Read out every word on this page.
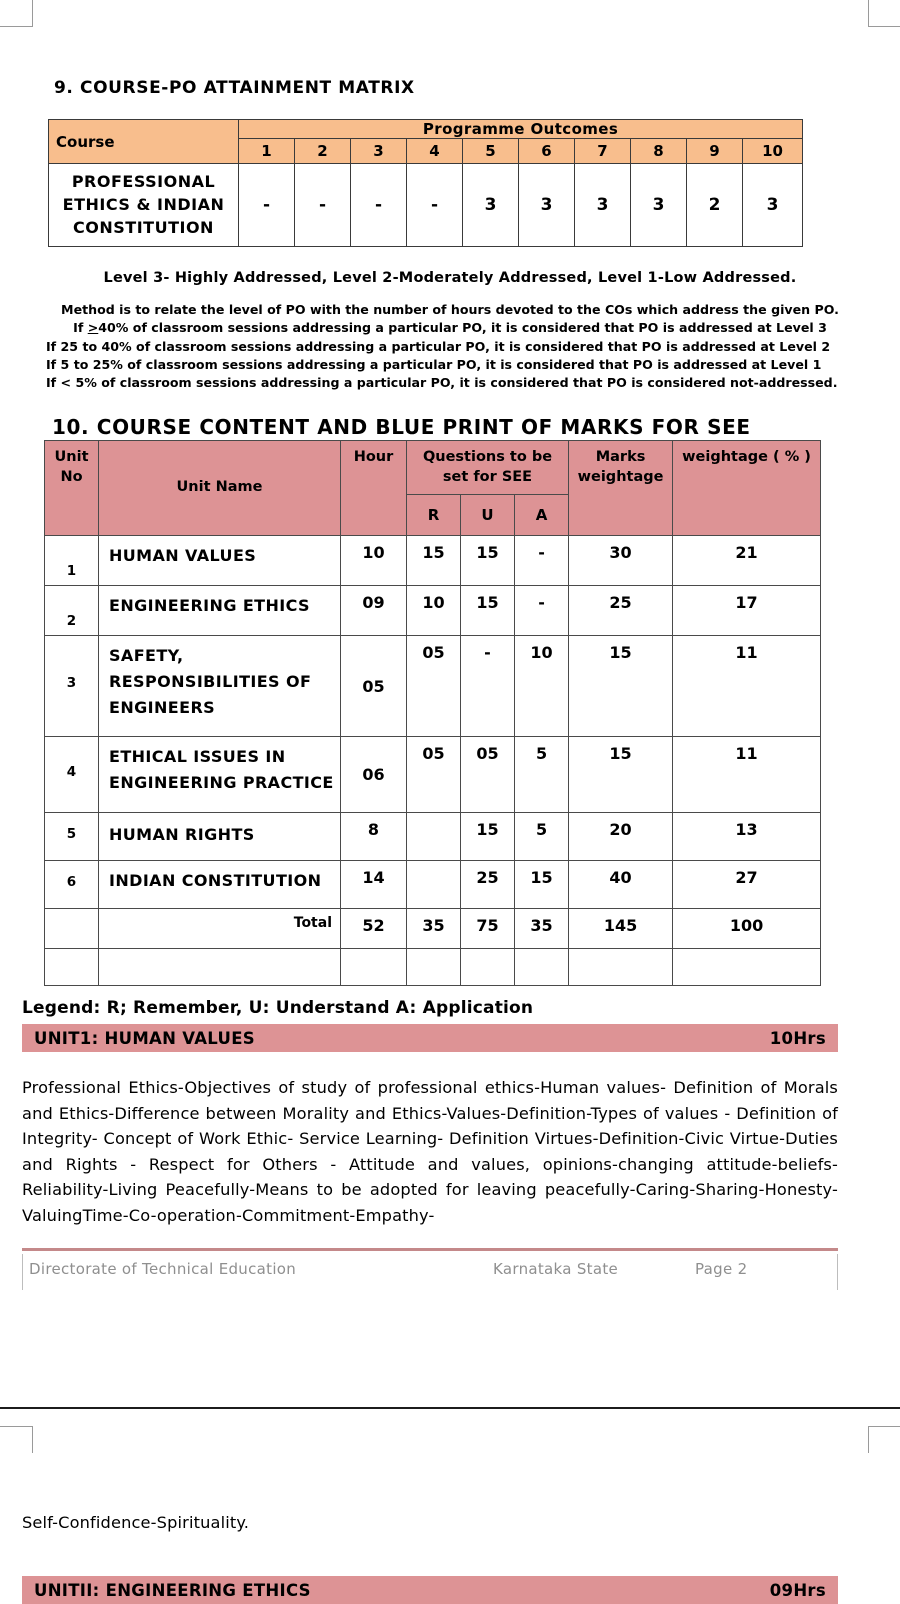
9. COURSE-PO ATTAINMENT MATRIX
Course	Programme Outcomes									
	1	2	3	4	5	6	7	8	9	10
PROFESSIONAL ETHICS & INDIAN CONSTITUTION	-	-	-	-	3	3	3	3	2	3
Level 3- Highly Addressed, Level 2-Moderately Addressed, Level 1-Low Addressed.
Method is to relate the level of PO with the number of hours devoted to the COs which address the given PO.
If ≥40% of classroom sessions addressing a particular PO, it is considered that PO is addressed at Level 3
If 25 to 40% of classroom sessions addressing a particular PO, it is considered that PO is addressed at Level 2
If 5 to 25% of classroom sessions addressing a particular PO, it is considered that PO is addressed at Level 1
If < 5% of classroom sessions addressing a particular PO, it is considered that PO is considered not-addressed.
10. COURSE CONTENT AND BLUE PRINT OF MARKS FOR SEE
Unit No	Unit Name	Hour	Questions to be set for SEE			Marks weightage	weightage ( % )

			R	U	A		
1	HUMAN VALUES	10	15	15	-	30	21
2	ENGINEERING ETHICS	09	10	15	-	25	17
3	SAFETY, RESPONSIBILITIES OF ENGINEERS	05	05	-	10	15	11
4	ETHICAL ISSUES IN ENGINEERING PRACTICE	06	05	05	5	15	11
5	HUMAN RIGHTS	8		15	5	20	13
6	INDIAN CONSTITUTION	14		25	15	40	27
	Total	52	35	75	35	145	100

Legend: R; Remember, U: Understand A: Application
UNIT1: HUMAN VALUES	10Hrs
Professional Ethics-Objectives of study of professional ethics-Human values- Definition of Morals and Ethics-Difference between Morality and Ethics-Values-Definition-Types of values - Definition of Integrity- Concept of Work Ethic- Service Learning- Definition Virtues-Definition-Civic Virtue-Duties and Rights - Respect for Others - Attitude and values, opinions-changing attitude-beliefs-Reliability-Living Peacefully-Means to be adopted for leaving peacefully-Caring-Sharing-Honesty-ValuingTime-Co-operation-Commitment-Empathy-
Directorate of Technical Education	Karnataka State	Page 2
Self-Confidence-Spirituality.
UNITII: ENGINEERING ETHICS	09Hrs
